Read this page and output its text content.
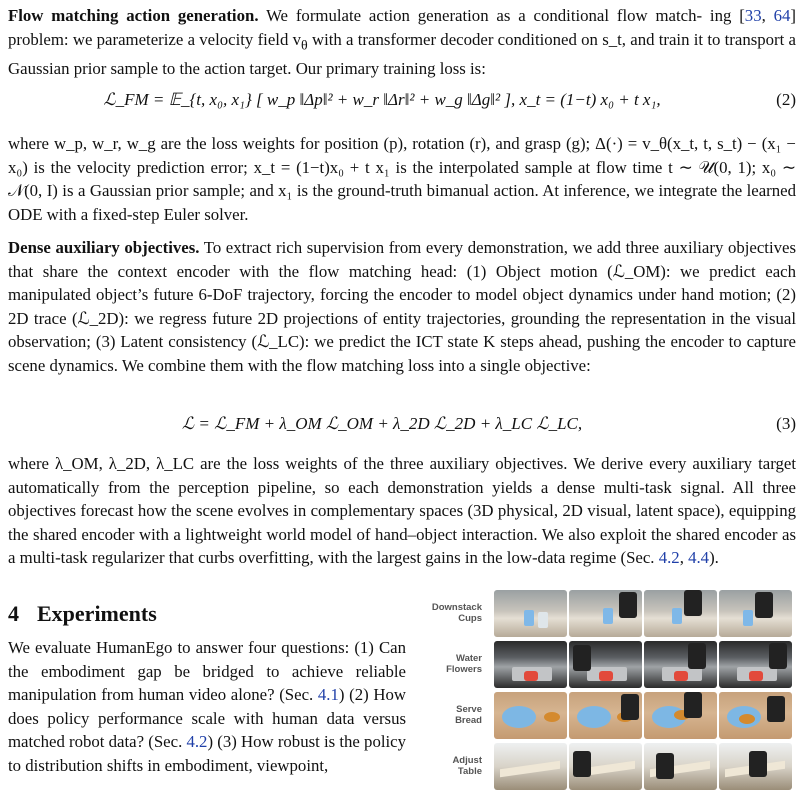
Flow matching action generation. We formulate action generation as a conditional flow match- ing [33, 64] problem: we parameterize a velocity field $v_\theta$ with a transformer decoder conditioned on s_t, and train it to transport a Gaussian prior sample to the action target. Our primary training loss is:
ℒ_FM = 𝔼_{t, x₀, x₁} [ w_p ‖Δp‖² + w_r ‖Δr‖² + w_g ‖Δg‖² ], x_t = (1−t) x₀ + t x₁,	(2)
where w_p, w_r, w_g are the loss weights for position (p), rotation (r), and grasp (g); Δ(·) = v_θ(x_t, t, s_t) − (x₁ − x₀) is the velocity prediction error; x_t = (1−t)x₀ + t x₁ is the interpolated sample at flow time t ∼ 𝒰(0, 1); x₀ ∼ 𝒩(0, I) is a Gaussian prior sample; and x₁ is the ground-truth bimanual action. At inference, we integrate the learned ODE with a fixed-step Euler solver.
Dense auxiliary objectives. To extract rich supervision from every demonstration, we add three auxiliary objectives that share the context encoder with the flow matching head: (1) Object motion (ℒ_OM): we predict each manipulated object’s future 6-DoF trajectory, forcing the encoder to model object dynamics under hand motion; (2) 2D trace (ℒ_2D): we regress future 2D projections of entity trajectories, grounding the representation in the visual observation; (3) Latent consistency (ℒ_LC): we predict the ICT state K steps ahead, pushing the encoder to capture scene dynamics. We combine them with the flow matching loss into a single objective:
ℒ = ℒ_FM + λ_OM ℒ_OM + λ_2D ℒ_2D + λ_LC ℒ_LC,	(3)
where λ_OM, λ_2D, λ_LC are the loss weights of the three auxiliary objectives. We derive every auxiliary target automatically from the perception pipeline, so each demonstration yields a dense multi-task signal. All three objectives forecast how the scene evolves in complementary spaces (3D physical, 2D visual, latent space), equipping the shared encoder with a lightweight world model of hand–object interaction. We also exploit the shared encoder as a multi-task regularizer that curbs overfitting, with the largest gains in the low-data regime (Sec. 4.2, 4.4).
4 Experiments
We evaluate HumanEgo to answer four questions: (1) Can the embodiment gap be bridged to achieve reliable manipulation from human video alone? (Sec. 4.1) (2) How does policy performance scale with human data versus matched robot data? (Sec. 4.2) (3) How robust is the policy to distribution shifts in embodiment, viewpoint,
Downstack
Cups
Water
Flowers
Serve
Bread
Adjust
Table
